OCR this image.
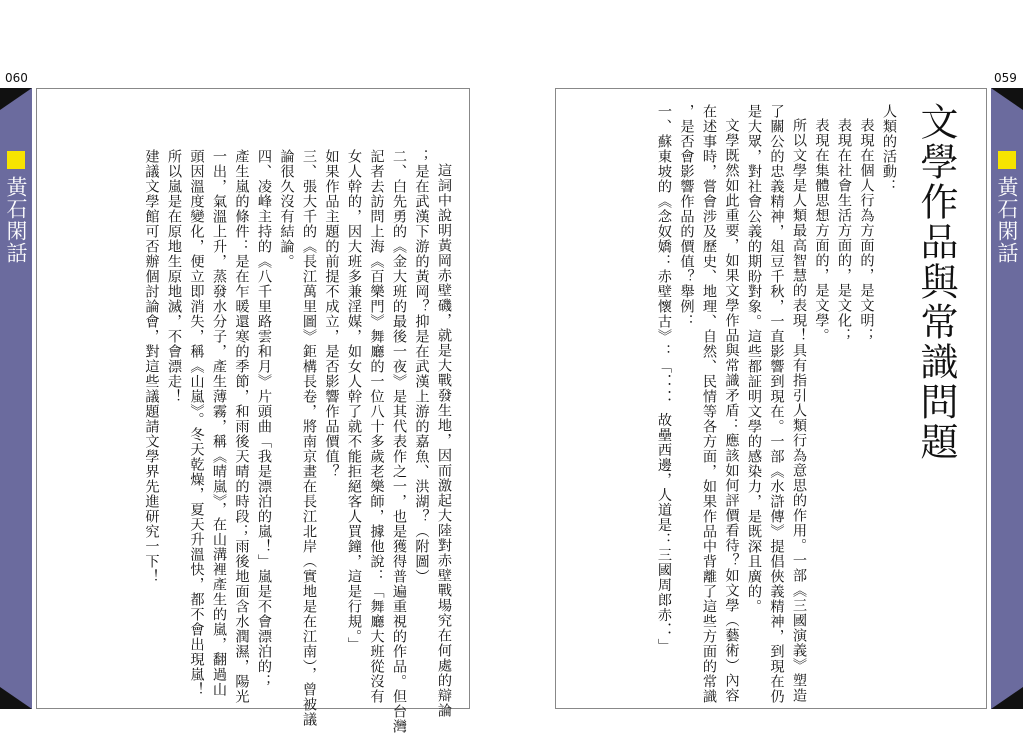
060
黃石閑話	這詞中說明黃岡赤壁磯，就是大戰發生地，因而激起大陸對赤壁戰場究在何處的辯論

；是在武漢下游的黃岡？抑是在武漢上游的嘉魚、洪湖？（附圖）

二、白先勇的《金大班的最後一夜》是其代表作之一，也是獲得普遍重視的作品。但台灣

記者去訪問上海《百樂門》舞廳的一位八十多歲老樂師，據他說：「舞廳大班從沒有

女人幹的，因大班多兼淫媒，如女人幹了就不能拒絕客人買鐘，這是行規。」

如果作品主題的前提不成立，是否影響作品價值？

三、張大千的《長江萬里圖》鉅構長卷，將南京畫在長江北岸（實地是在江南），曾被議

論很久沒有結論。

四、凌峰主持的《八千里路雲和月》片頭曲「我是漂泊的嵐！」嵐是不會漂泊的；

產生嵐的條件：是在乍暖還寒的季節，和雨後天晴的時段；雨後地面含水潤濕，陽光

一出，氣溫上升，蒸發水分子，產生薄霧，稱《晴嵐》，在山溝裡產生的嵐，翻過山

頭因溫度變化，便立即消失，稱《山嵐》。冬天乾燥，夏天升溫快，都不會出現嵐！

所以嵐是在原地生原地滅，不會漂走！

建議文學館可否辦個討論會，對這些議題請文學界先進研究一下！

059
文學作品與常識問題

人類的活動：

表現在個人行為方面的，是文明；

表現在社會生活方面的，是文化；

表現在集體思想方面的，是文學。

所以文學是人類最高智慧的表現！具有指引人類行為意思的作用。一部《三國演義》塑造

了關公的忠義精神，俎豆千秋，一直影響到現在。一部《水滸傳》提倡俠義精神，到現在仍

是大眾，對社會公義的期盼對象。這些都証明文學的感染力，是既深且廣的。

文學既然如此重要，如果文學作品與常識矛盾：應該如何評價看待？如文學（藝術）內容

在述事時，嘗會涉及歷史、地理、自然、民情等各方面，如果作品中背離了這些方面的常識

，是否會影響作品的價值？舉例：

一、蘇東坡的《念奴嬌：赤壁懷古》：「．．．．故壘西邊，人道是：三國周郎赤．．」	黃石閑話
